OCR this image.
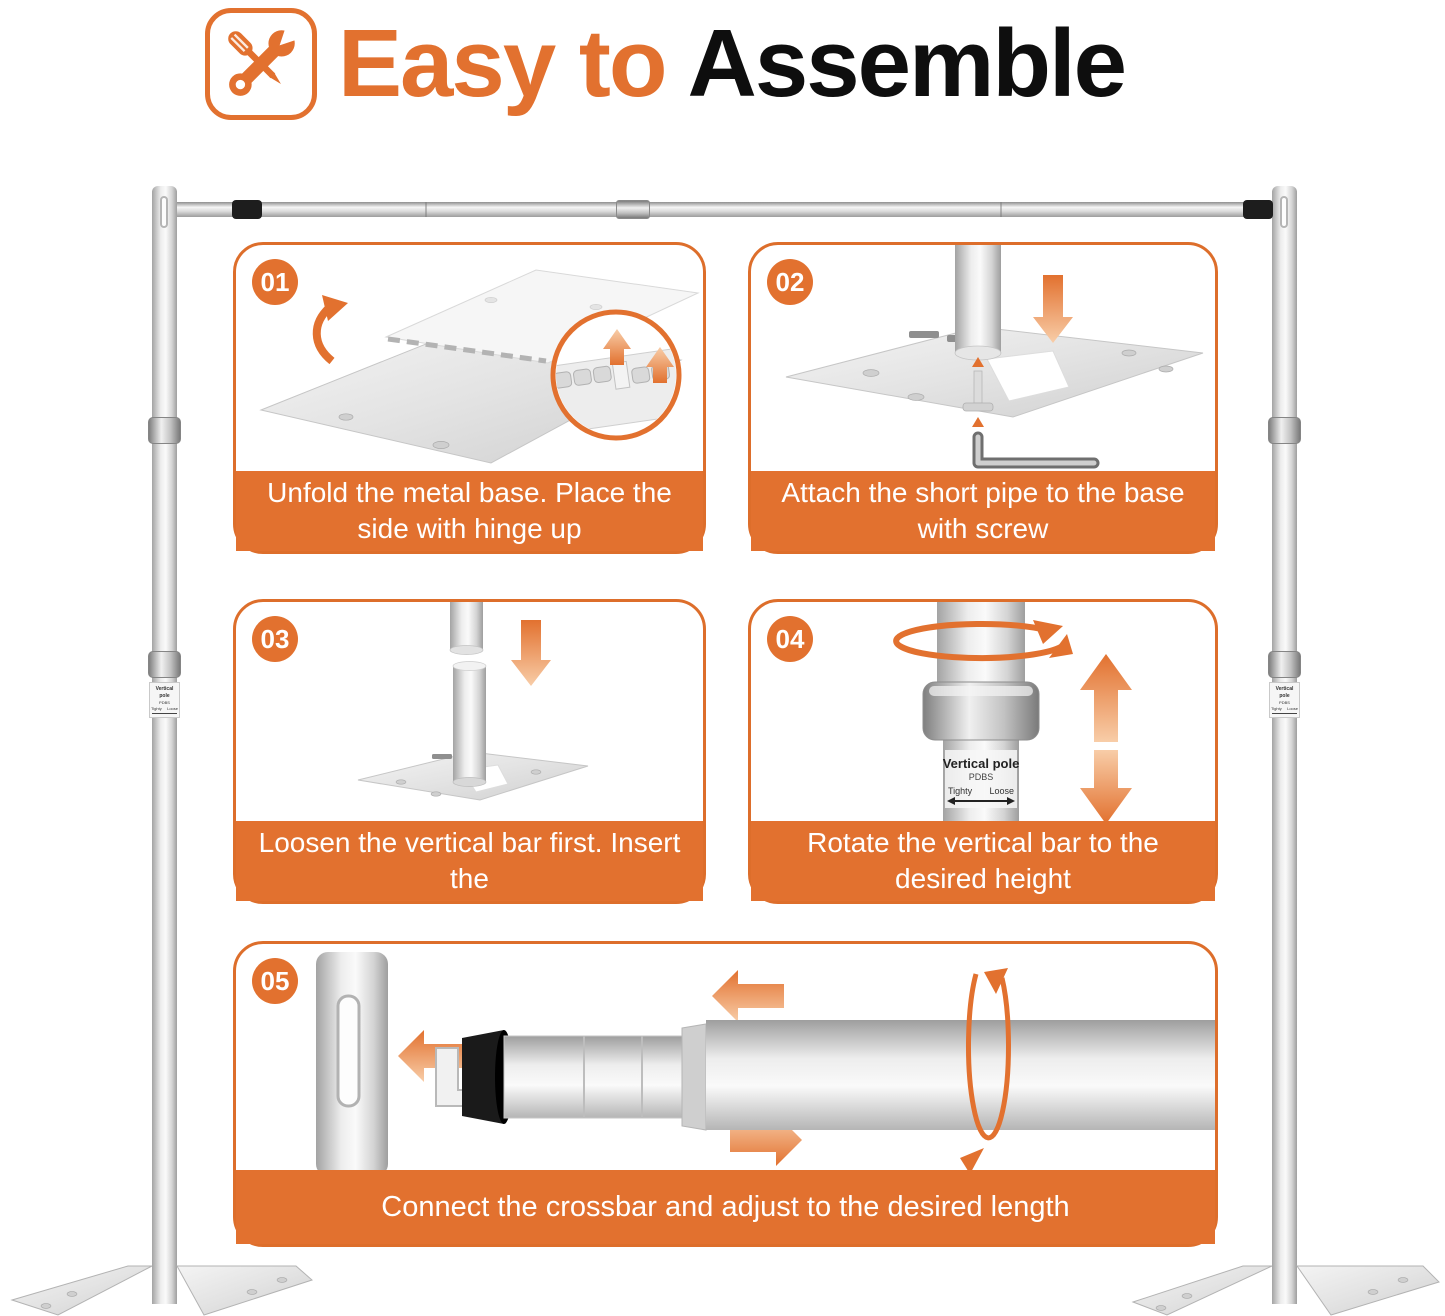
Easy to Assemble
Vertical pole
PDBS
Tighty Loose
Vertical pole
PDBS
Tighty Loose
01
Unfold the metal base. Place the
side with hinge up
02
Attach the short pipe to the base
with screw
03
Loosen the vertical bar first. Insert the
vertical rod into the base
04
Vertical pole
PDBS
Tighty Loose
Rotate the vertical bar to the
desired height
05
Connect the crossbar and adjust to the desired length
